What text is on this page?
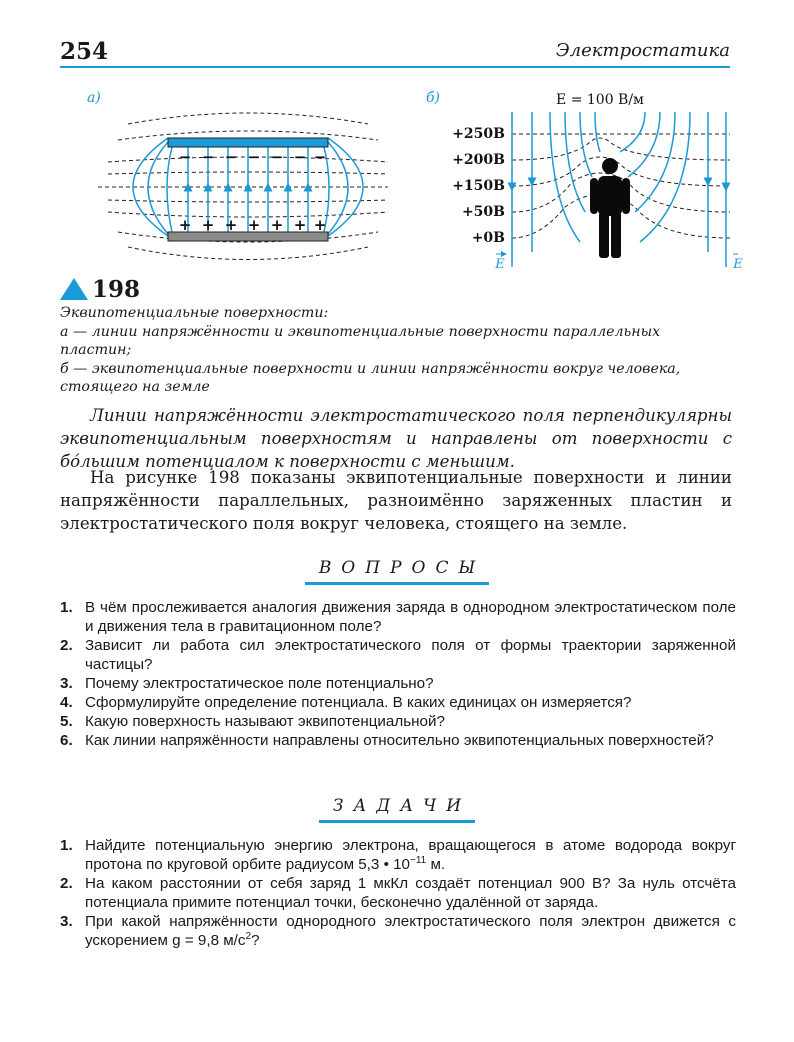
254	Электростатика
а)	б)
− − − − − − −
+ + + + + + +
E = 100 В/м
+250В
+200В
+150В
+50В
+0В
E	E
198
Эквипотенциальные поверхности:
а — линии напряжённости и эквипотенциальные поверхности параллельных пластин;
б — эквипотенциальные поверхности и линии напряжённости вокруг человека, стоящего на земле
Линии напряжённости электростатического поля перпендикулярны эквипотенциальным поверхностям и направлены от поверхности с бо́льшим потенциалом к поверхности с меньшим.
На рисунке 198 показаны эквипотенциальные поверхности и линии напряжённости параллельных, разноимённо заряженных пластин и электростатического поля вокруг человека, стоящего на земле.
ВОПРОСЫ
1. В чём прослеживается аналогия движения заряда в однородном электростатическом поле и движения тела в гравитационном поле?
2. Зависит ли работа сил электростатического поля от формы траектории заряженной частицы?
3. Почему электростатическое поле потенциально?
4. Сформулируйте определение потенциала. В каких единицах он измеряется?
5. Какую поверхность называют эквипотенциальной?
6. Как линии напряжённости направлены относительно эквипотенциальных поверхностей?
ЗАДАЧИ
1. Найдите потенциальную энергию электрона, вращающегося в атоме водорода вокруг протона по круговой орбите радиусом 5,3 • $10^{-11}$ м.
2. На каком расстоянии от себя заряд 1 мкКл создаёт потенциал 900 В? За нуль отсчёта потенциала примите потенциал точки, бесконечно удалённой от заряда.
3. При какой напряжённости однородного электростатического поля электрон движется с ускорением g = 9,8 $м/с^2$?
